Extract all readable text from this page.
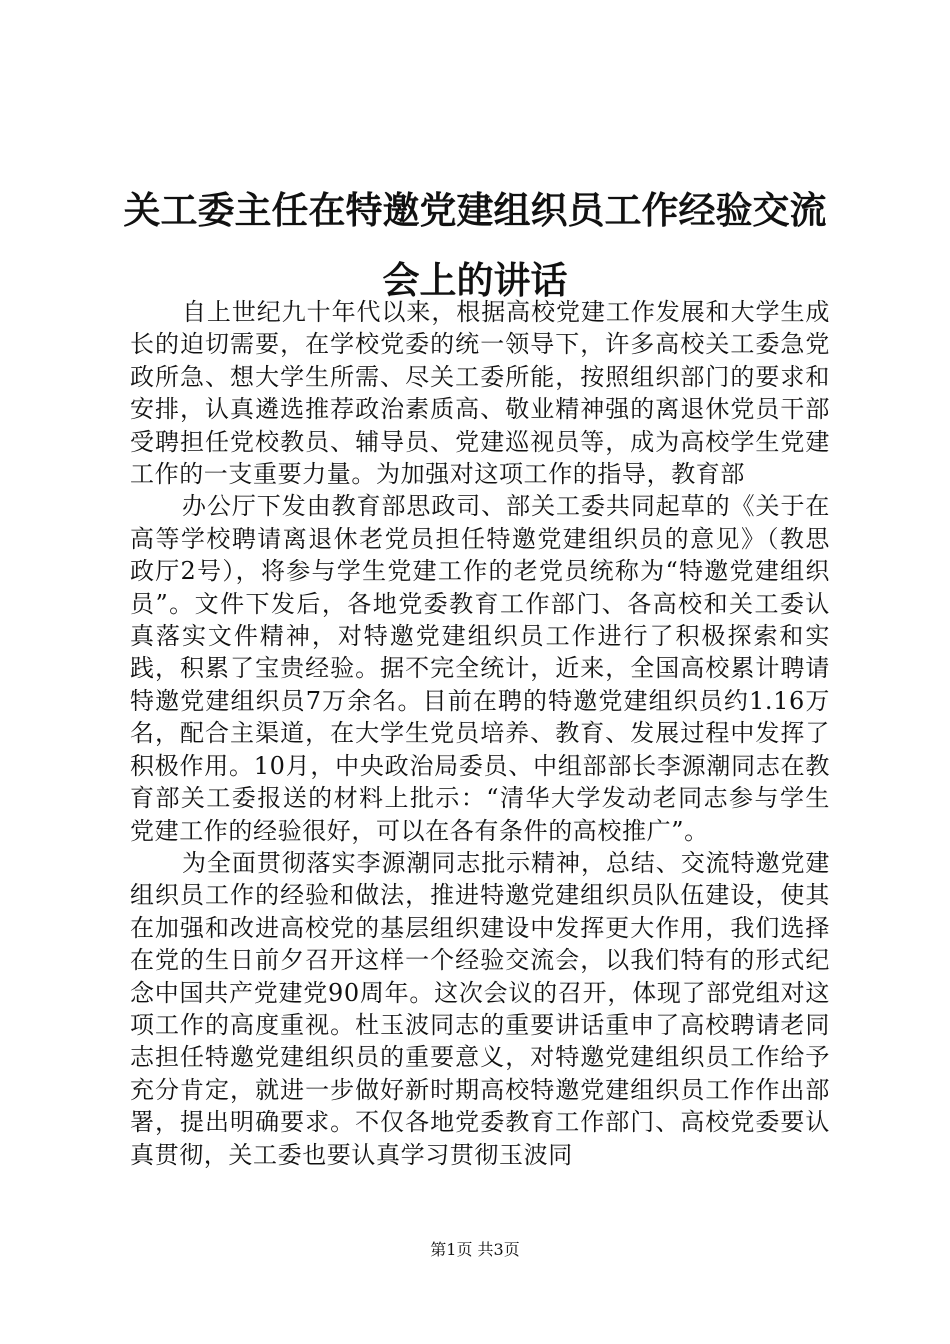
关工委主任在特邀党建组织员工作经验交流会上的讲话

自上世纪九十年代以来，根据高校党建工作发展和大学生成长的迫切需要，在学校党委的统一领导下，许多高校关工委急党政所急、想大学生所需、尽关工委所能，按照组织部门的要求和安排，认真遴选推荐政治素质高、敬业精神强的离退休党员干部受聘担任党校教员、辅导员、党建巡视员等，成为高校学生党建工作的一支重要力量。为加强对这项工作的指导，教育部

办公厅下发由教育部思政司、部关工委共同起草的《关于在高等学校聘请离退休老党员担任特邀党建组织员的意见》（教思政厅2号），将参与学生党建工作的老党员统称为“特邀党建组织员”。文件下发后，各地党委教育工作部门、各高校和关工委认真落实文件精神，对特邀党建组织员工作进行了积极探索和实践，积累了宝贵经验。据不完全统计，近来，全国高校累计聘请特邀党建组织员7万余名。目前在聘的特邀党建组织员约1.16万名，配合主渠道，在大学生党员培养、教育、发展过程中发挥了积极作用。10月，中央政治局委员、中组部部长李源潮同志在教育部关工委报送的材料上批示：“清华大学发动老同志参与学生党建工作的经验很好，可以在各有条件的高校推广”。

为全面贯彻落实李源潮同志批示精神，总结、交流特邀党建组织员工作的经验和做法，推进特邀党建组织员队伍建设，使其在加强和改进高校党的基层组织建设中发挥更大作用，我们选择在党的生日前夕召开这样一个经验交流会，以我们特有的形式纪念中国共产党建党90周年。这次会议的召开，体现了部党组对这项工作的高度重视。杜玉波同志的重要讲话重申了高校聘请老同志担任特邀党建组织员的重要意义，对特邀党建组织员工作给予充分肯定，就进一步做好新时期高校特邀党建组织员工作作出部署，提出明确要求。不仅各地党委教育工作部门、高校党委要认真贯彻，关工委也要认真学习贯彻玉波同

第1页 共3页
